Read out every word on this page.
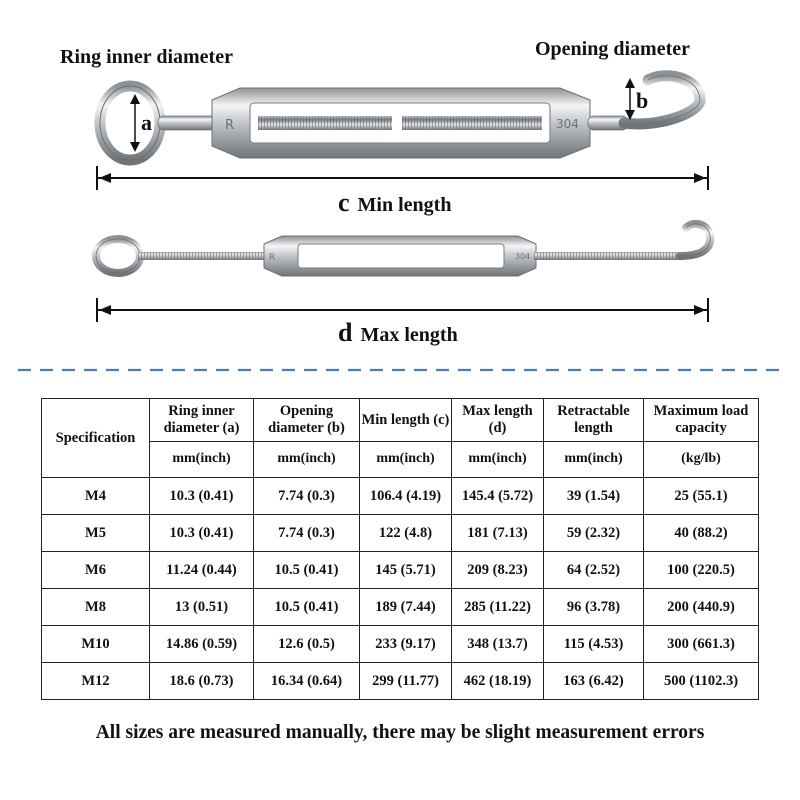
R	304
R	304
Ring inner diameter	Opening diameter
a
b
c Min length
d Max length
Specification	Ring inner diameter (a)	Opening diameter (b)	Min length (c)	Max length (d)	Retractable length	Maximum load capacity
	mm(inch)	mm(inch)	mm(inch)	mm(inch)	mm(inch)	(kg/lb)
M4	10.3 (0.41)	7.74 (0.3)	106.4 (4.19)	145.4 (5.72)	39 (1.54)	25 (55.1)
M5	10.3 (0.41)	7.74 (0.3)	122 (4.8)	181 (7.13)	59 (2.32)	40 (88.2)
M6	11.24 (0.44)	10.5 (0.41)	145 (5.71)	209 (8.23)	64 (2.52)	100 (220.5)
M8	13 (0.51)	10.5 (0.41)	189 (7.44)	285 (11.22)	96 (3.78)	200 (440.9)
M10	14.86 (0.59)	12.6 (0.5)	233 (9.17)	348 (13.7)	115 (4.53)	300 (661.3)
M12	18.6 (0.73)	16.34 (0.64)	299 (11.77)	462 (18.19)	163 (6.42)	500 (1102.3)
All sizes are measured manually, there may be slight measurement errors
